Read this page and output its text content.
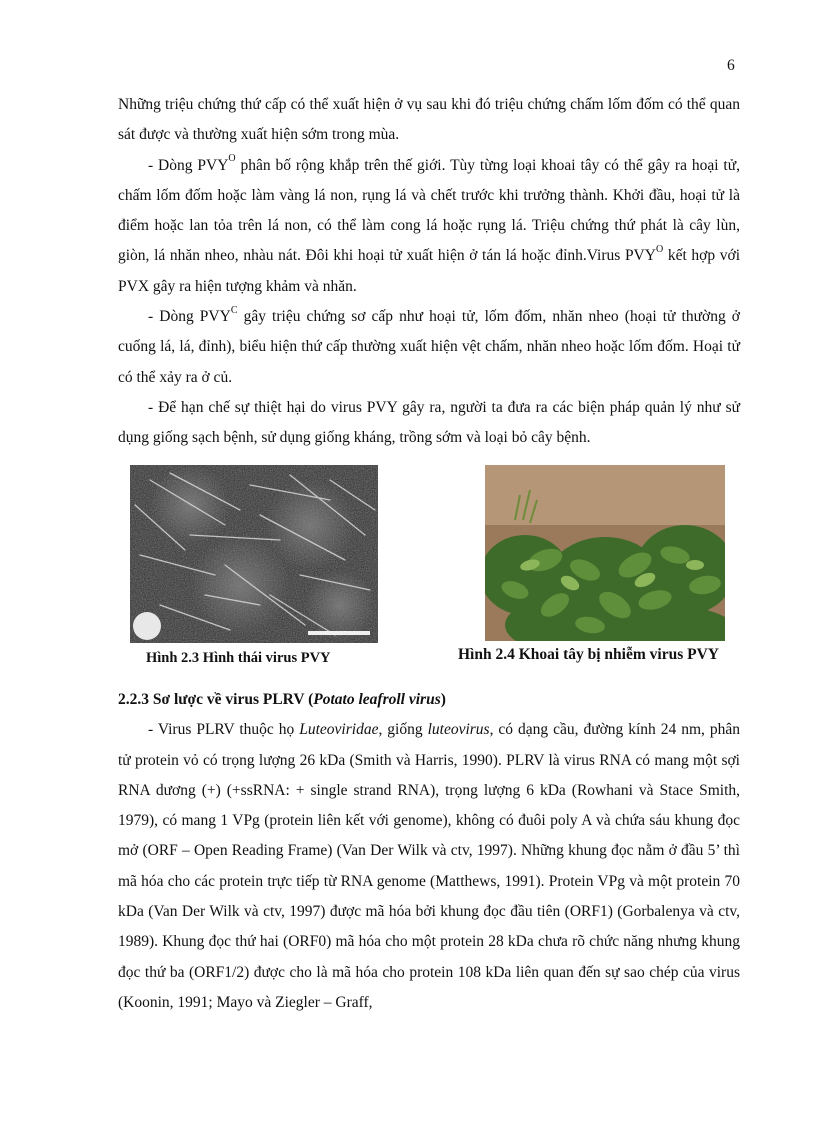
6

Những triệu chứng thứ cấp có thể xuất hiện ở vụ sau khi đó triệu chứng chấm lốm đốm có thể quan sát được và thường xuất hiện sớm trong mùa.

- Dòng $PVY^O$ phân bố rộng khắp trên thế giới. Tùy từng loại khoai tây có thể gây ra hoại tử, chấm lốm đốm hoặc làm vàng lá non, rụng lá và chết trước khi trưởng thành. Khởi đầu, hoại tử là điểm hoặc lan tỏa trên lá non, có thể làm cong lá hoặc rụng lá. Triệu chứng thứ phát là cây lùn, giòn, lá nhăn nheo, nhàu nát. Đôi khi hoại tử xuất hiện ở tán lá hoặc đỉnh.Virus $PVY^O$ kết hợp với PVX gây ra hiện tượng khảm và nhăn.

- Dòng $PVY^C$ gây triệu chứng sơ cấp như hoại tử, lốm đốm, nhăn nheo (hoại tử thường ở cuống lá, lá, đỉnh), biểu hiện thứ cấp thường xuất hiện vệt chấm, nhăn nheo hoặc lốm đốm. Hoại tử có thể xảy ra ở củ.

- Để hạn chế sự thiệt hại do virus PVY gây ra, người ta đưa ra các biện pháp quản lý như sử dụng giống sạch bệnh, sử dụng giống kháng, trồng sớm và loại bỏ cây bệnh.

Hình 2.3 Hình thái virus PVY	Hình 2.4 Khoai tây bị nhiễm virus PVY

2.2.3 Sơ lược về virus PLRV (Potato leafroll virus)

- Virus PLRV thuộc họ Luteoviridae, giống luteovirus, có dạng cầu, đường kính 24 nm, phân tử protein vỏ có trọng lượng 26 kDa (Smith và Harris, 1990). PLRV là virus RNA có mang một sợi RNA dương (+) (+ssRNA: + single strand RNA), trọng lượng 6 kDa (Rowhani và Stace Smith, 1979), có mang 1 VPg (protein liên kết với genome), không có đuôi poly A và chứa sáu khung đọc mở (ORF – Open Reading Frame) (Van Der Wilk và ctv, 1997). Những khung đọc nằm ở đầu 5’ thì mã hóa cho các protein trực tiếp từ RNA genome (Matthews, 1991). Protein VPg và một protein 70 kDa (Van Der Wilk và ctv, 1997) được mã hóa bởi khung đọc đầu tiên (ORF1) (Gorbalenya và ctv, 1989). Khung đọc thứ hai (ORF0) mã hóa cho một protein 28 kDa chưa rõ chức năng nhưng khung đọc thứ ba (ORF1/2) được cho là mã hóa cho protein 108 kDa liên quan đến sự sao chép của virus (Koonin, 1991; Mayo và Ziegler – Graff,
